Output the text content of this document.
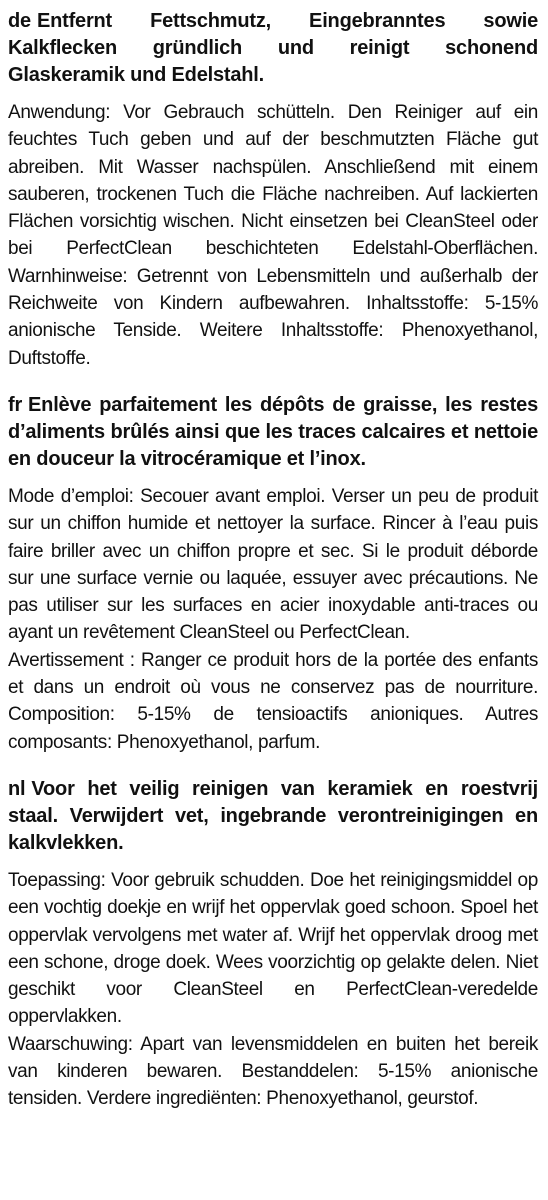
de Entfernt Fettschmutz, Eingebranntes sowie Kalkflecken gründlich und reinigt schonend Glaskeramik und Edelstahl.

Anwendung: Vor Gebrauch schütteln. Den Reiniger auf ein feuchtes Tuch geben und auf der beschmutzten Fläche gut abreiben. Mit Wasser nachspülen. Anschließend mit einem sauberen, trockenen Tuch die Fläche nachreiben. Auf lackierten Flächen vorsichtig wischen. Nicht einsetzen bei CleanSteel oder bei PerfectClean beschichteten Edelstahl-Oberflächen. Warnhinweise: Getrennt von Lebensmitteln und außerhalb der Reichweite von Kindern aufbewahren. Inhaltsstoffe: 5-15% anionische Tenside. Weitere Inhaltsstoffe: Phenoxyethanol, Duftstoffe.

fr Enlève parfaitement les dépôts de graisse, les restes d’aliments brûlés ainsi que les traces calcaires et nettoie en douceur la vitrocéramique et l’inox.

Mode d’emploi: Secouer avant emploi. Verser un peu de produit sur un chiffon humide et nettoyer la surface. Rincer à l’eau puis faire briller avec un chiffon propre et sec. Si le produit déborde sur une surface vernie ou laquée, essuyer avec précautions. Ne pas utiliser sur les surfaces en acier inoxydable anti-traces ou ayant un revêtement CleanSteel ou PerfectClean.

Avertissement : Ranger ce produit hors de la portée des enfants et dans un endroit où vous ne conservez pas de nourriture. Composition: 5-15% de tensioactifs anioniques. Autres composants: Phenoxyethanol, parfum.

nl Voor het veilig reinigen van keramiek en roestvrij staal. Verwijdert vet, ingebrande verontreinigingen en kalkvlekken.

Toepassing: Voor gebruik schudden. Doe het reinigingsmiddel op een vochtig doekje en wrijf het oppervlak goed schoon. Spoel het oppervlak vervolgens met water af. Wrijf het oppervlak droog met een schone, droge doek. Wees voorzichtig op gelakte delen. Niet geschikt voor CleanSteel en PerfectClean-veredelde oppervlakken.

Waarschuwing: Apart van levensmiddelen en buiten het bereik van kinderen bewaren. Bestanddelen: 5-15% anionische tensiden. Verdere ingrediënten: Phenoxyethanol, geurstof.
